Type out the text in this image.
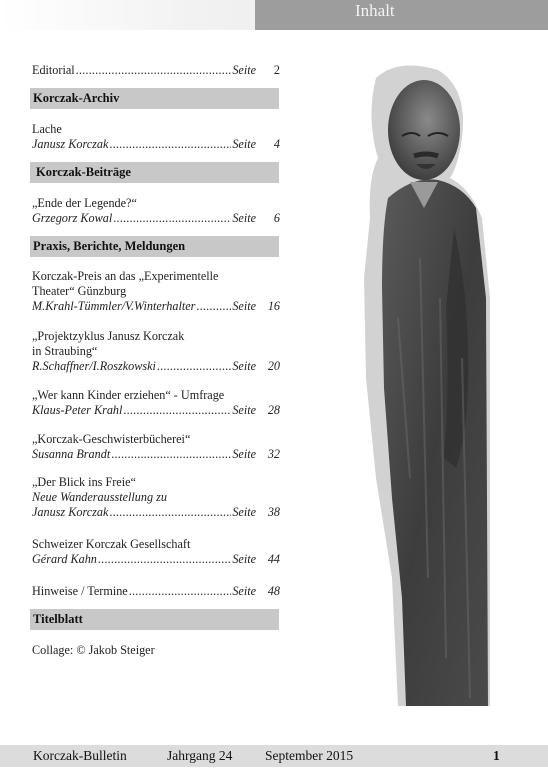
Inhalt
Editorial .....	Seite	2
Korczak-Archiv
Lache
Janusz Korczak .....	Seite	4
Korczak-Beiträge
„Ende der Legende?“
Grzegorz Kowal .....	Seite	6
Praxis, Berichte, Meldungen
Korczak-Preis an das „Experimentelle
Theater“ Günzburg
M.Krahl-Tümmler/V.Winterhalter .....	Seite 16
„Projektzyklus Janusz Korczak
in Straubing“
R.Schaffner/I.Roszkowski .....	Seite 20
„Wer kann Kinder erziehen“ - Umfrage
Klaus-Peter Krahl .....	Seite 28
„Korczak-Geschwisterbücherei“
Susanna Brandt .....	Seite 32
„Der Blick ins Freie“
Neue Wanderausstellung zu
Janusz Korczak .....	Seite 38
Schweizer Korczak Gesellschaft
Gérard Kahn .....	Seite 44
Hinweise / Termine .....	Seite 48
Titelblatt
Collage: © Jakob Steiger
Korczak-Bulletin	Jahrgang 24 September 2015	1
